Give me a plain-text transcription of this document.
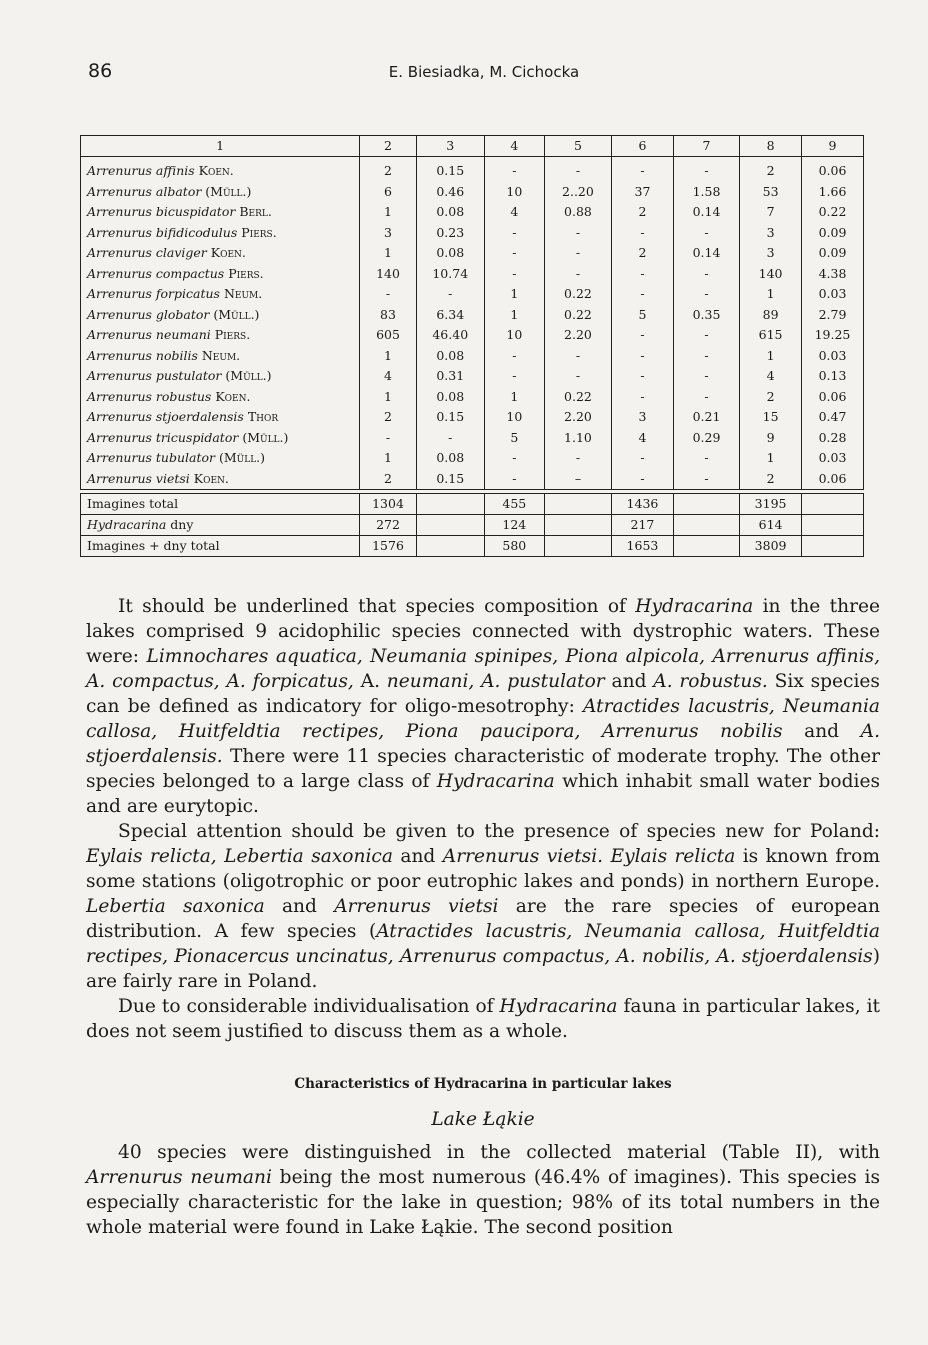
86	E. Biesiadka, M. Cichocka
1	2	3	4	5	6	7	8	9
Arrenurus affinis Koen.	2	0.15	-	-	-	-	2	0.06
Arrenurus albator (Müll.)	6	0.46	10	2..20	37	1.58	53	1.66
Arrenurus bicuspidator Berl.	1	0.08	4	0.88	2	0.14	7	0.22
Arrenurus bifidicodulus Piers.	3	0.23	-	-	-	-	3	0.09
Arrenurus claviger Koen.	1	0.08	-	-	2	0.14	3	0.09
Arrenurus compactus Piers.	140	10.74	-	-	-	-	140	4.38
Arrenurus forpicatus Neum.	-	-	1	0.22	-	-	1	0.03
Arrenurus globator (Müll.)	83	6.34	1	0.22	5	0.35	89	2.79
Arrenurus neumani Piers.	605	46.40	10	2.20	-	-	615	19.25
Arrenurus nobilis Neum.	1	0.08	-	-	-	-	1	0.03
Arrenurus pustulator (Müll.)	4	0.31	-	-	-	-	4	0.13
Arrenurus robustus Koen.	1	0.08	1	0.22	-	-	2	0.06
Arrenurus stjoerdalensis Thor	2	0.15	10	2.20	3	0.21	15	0.47
Arrenurus tricuspidator (Müll.)	-	-	5	1.10	4	0.29	9	0.28
Arrenurus tubulator (Müll.)	1	0.08	-	-	-	-	1	0.03
Arrenurus vietsi Koen.	2	0.15	-	–	-	-	2	0.06

Imagines total	1304		455		1436		3195	
Hydracarina dny	272		124		217		614	
Imagines + dny total	1576		580		1653		3809	

It should be underlined that species composition of Hydracarina in the three lakes comprised 9 acidophilic species connected with dystrophic waters. These were: Limnochares aquatica, Neumania spinipes, Piona alpicola, Arrenurus affinis, A. compactus, A. forpicatus, A. neumani, A. pustulator and A. robustus. Six species can be defined as indicatory for oligo-mesotrophy: Atractides lacustris, Neumania callosa, Huitfeldtia rectipes, Piona paucipora, Arrenurus nobilis and A. stjoerdalensis. There were 11 species characteristic of moderate trophy. The other species belonged to a large class of Hydracarina which inhabit small water bodies and are eurytopic.

Special attention should be given to the presence of species new for Poland: Eylais relicta, Lebertia saxonica and Arrenurus vietsi. Eylais relicta is known from some stations (oligotrophic or poor eutrophic lakes and ponds) in northern Europe. Lebertia saxonica and Arrenurus vietsi are the rare species of european distribution. A few species (Atractides lacustris, Neumania callosa, Huitfeldtia rectipes, Pionacercus uncinatus, Arrenurus compactus, A. nobilis, A. stjoerdalensis) are fairly rare in Poland.

Due to considerable individualisation of Hydracarina fauna in particular lakes, it does not seem justified to discuss them as a whole.

Characteristics of Hydracarina in particular lakes
Lake Łąkie

40 species were distinguished in the collected material (Table II), with Arrenurus neumani being the most numerous (46.4% of imagines). This species is especially characteristic for the lake in question; 98% of its total numbers in the whole material were found in Lake Łąkie. The second position
